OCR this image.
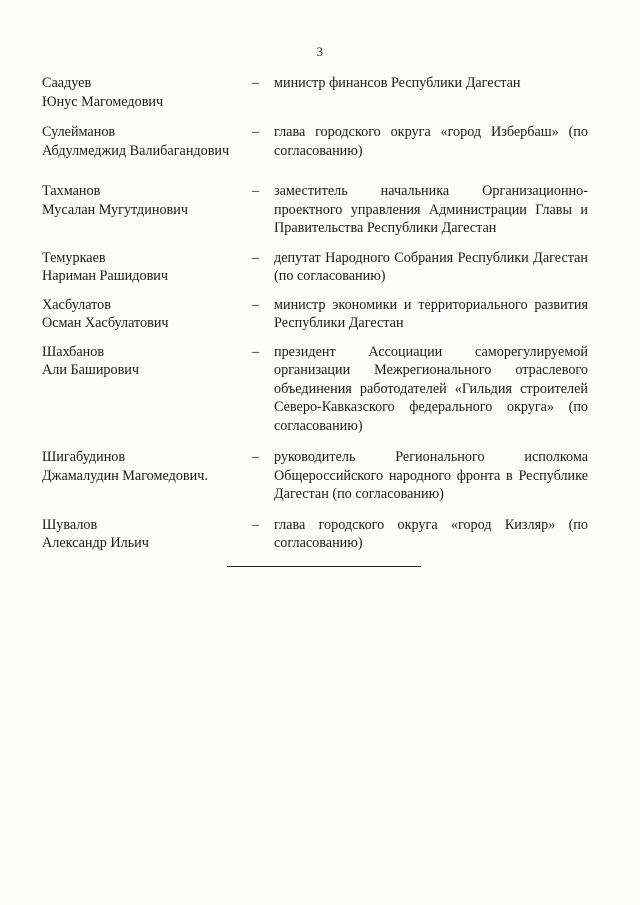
3
Саадуев
Юнус Магомедович
–	министр финансов Республики Дагестан
Сулейманов
Абдулмеджид Валибагандович
–	глава городского округа «город Избербаш» (по согласованию)
Тахманов
Мусалан Мугутдинович
–	заместитель начальника Организационно-проектного управления Администрации Главы и Правительства Республики Дагестан
Темуркаев
Нариман Рашидович
–	депутат Народного Собрания Республики Дагестан (по согласованию)
Хасбулатов
Осман Хасбулатович
–	министр экономики и территориального развития Республики Дагестан
Шахбанов
Али Баширович
–	президент Ассоциации саморегулируемой организации Межрегионального отраслевого объединения работодателей «Гильдия строителей Северо-Кавказского федерального округа» (по согласованию)
Шигабудинов
Джамалудин Магомедович.
–	руководитель Регионального исполкома Общероссийского народного фронта в Республике Дагестан (по согласованию)
Шувалов
Александр Ильич
–	глава городского округа «город Кизляр» (по согласованию)
